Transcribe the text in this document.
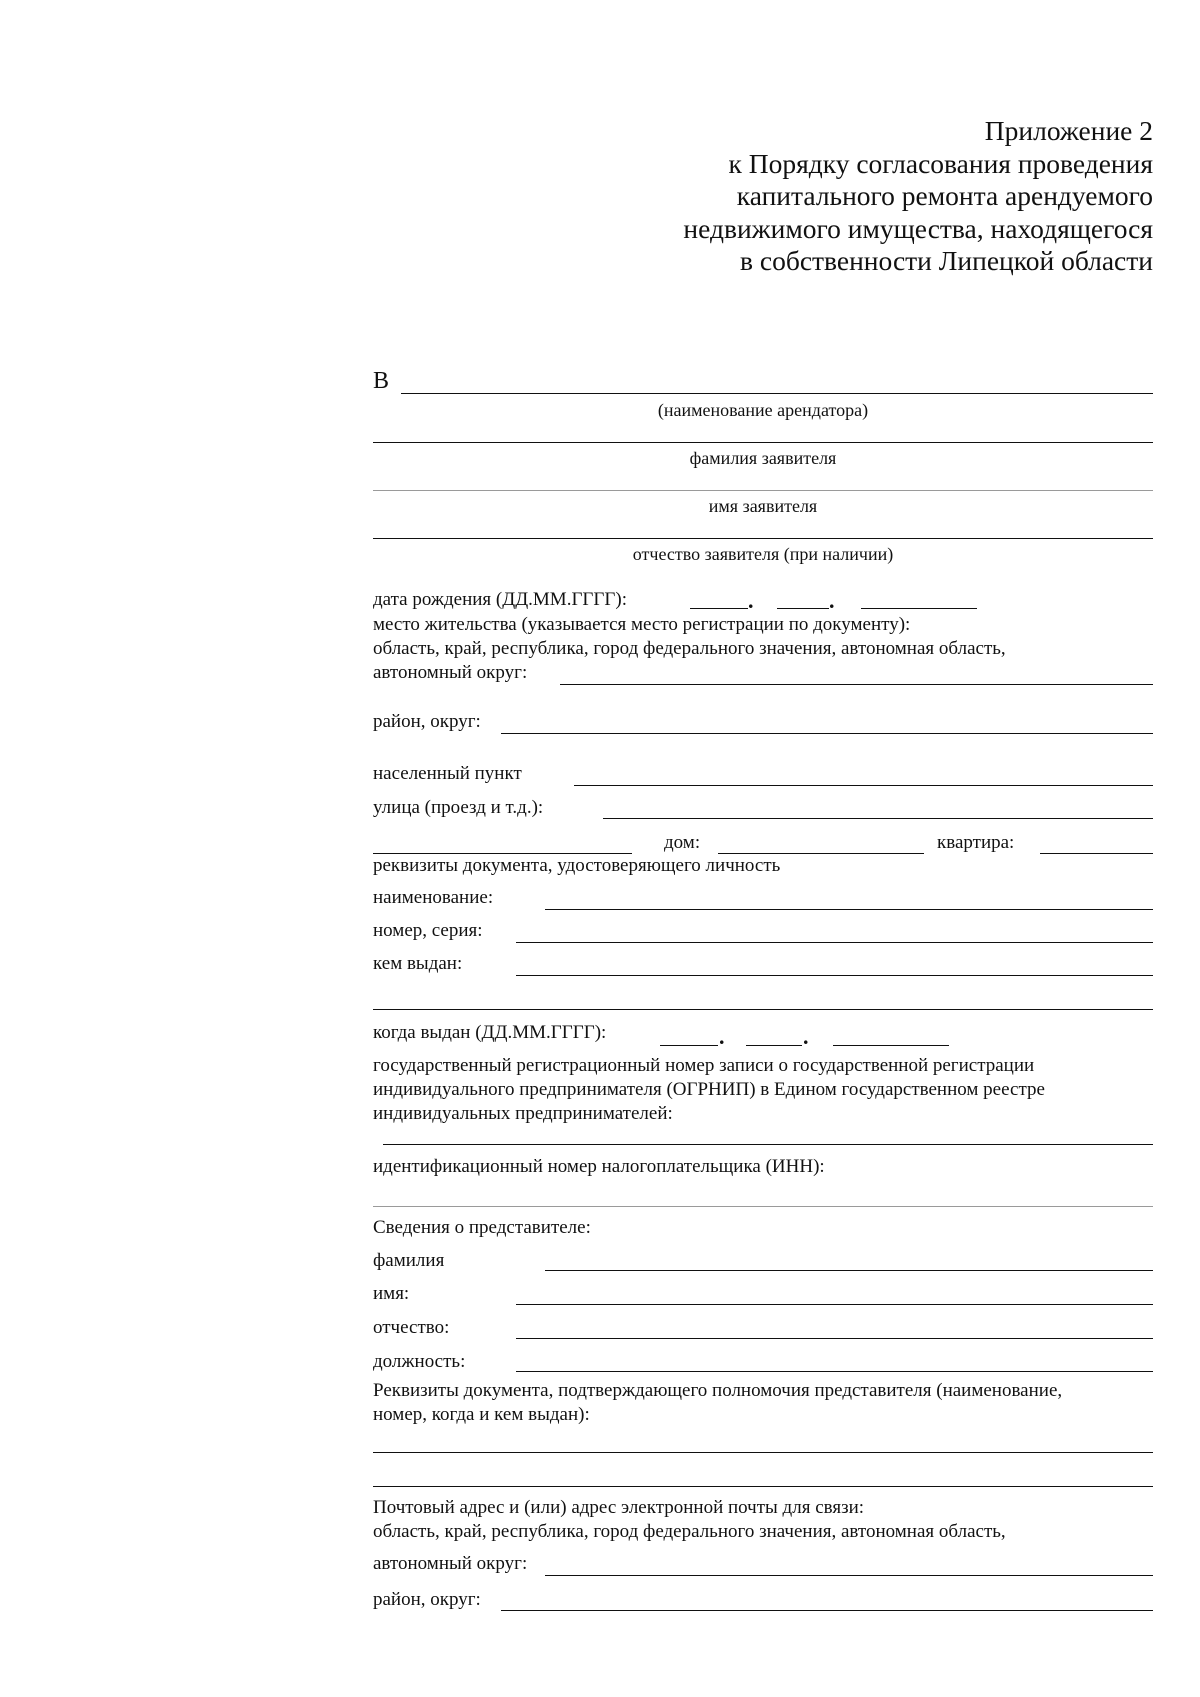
Приложение 2
к Порядку согласования проведения
капитального ремонта арендуемого
недвижимого имущества, находящегося
в собственности Липецкой области
В
(наименование арендатора)
фамилия заявителя
имя заявителя
отчество заявителя (при наличии)
дата рождения (ДД.ММ.ГГГГ):	.	.
место жительства (указывается место регистрации по документу):
область, край, республика, город федерального значения, автономная область,
автономный округ:
район, округ:
населенный пункт
улица (проезд и т.д.):
дом:	квартира:
реквизиты документа, удостоверяющего личность
наименование:
номер, серия:
кем выдан:
когда выдан (ДД.ММ.ГГГГ):	.	.
государственный регистрационный номер записи о государственной регистрации
индивидуального предпринимателя (ОГРНИП) в Едином государственном реестре
индивидуальных предпринимателей:
идентификационный номер налогоплательщика (ИНН):
Сведения о представителе:
фамилия
имя:
отчество:
должность:
Реквизиты документа, подтверждающего полномочия представителя (наименование,
номер, когда и кем выдан):
Почтовый адрес и (или) адрес электронной почты для связи:
область, край, республика, город федерального значения, автономная область,
автономный округ:
район, округ:
